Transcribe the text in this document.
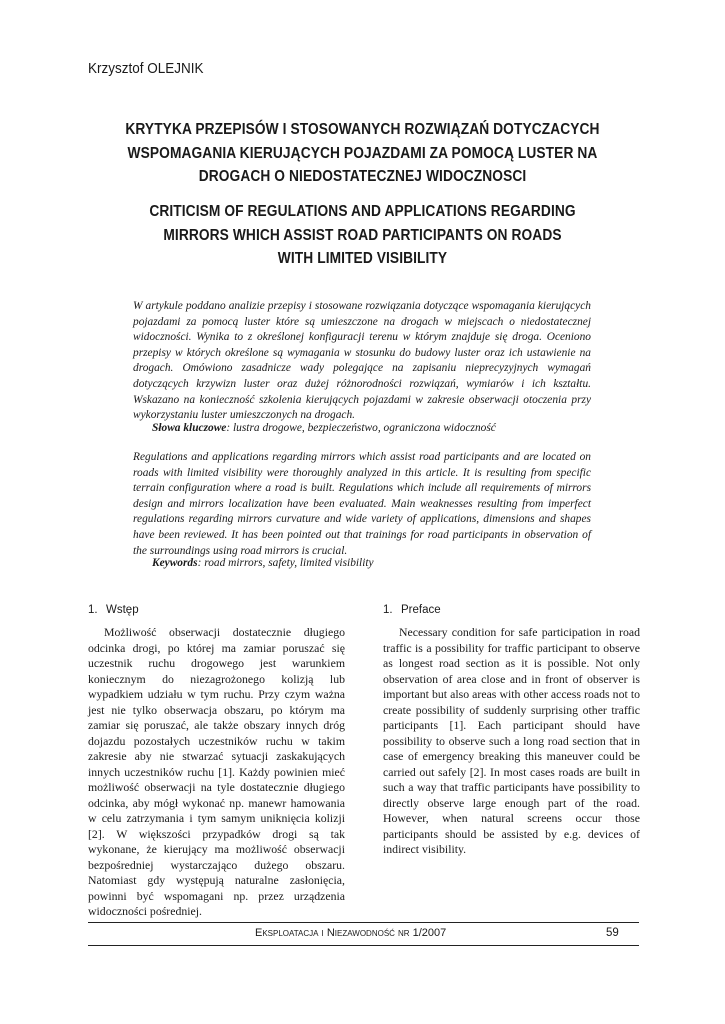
Krzysztof OLEJNIK
KRYTYKA PRZEPISÓW I STOSOWANYCH ROZWIĄZAŃ DOTYCZACYCH
WSPOMAGANIA KIERUJĄCYCH POJAZDAMI ZA POMOCĄ LUSTER NA
DROGACH O NIEDOSTATECZNEJ WIDOCZNOSCI
CRITICISM OF REGULATIONS AND APPLICATIONS REGARDING
MIRRORS WHICH ASSIST ROAD PARTICIPANTS ON ROADS
WITH LIMITED VISIBILITY
W artykule poddano analizie przepisy i stosowane rozwiązania dotyczące wspomagania kierujących pojazdami za pomocą luster które są umieszczone na drogach w miejscach o niedostatecznej widoczności. Wynika to z określonej konfiguracji terenu w którym znajduje się droga. Oceniono przepisy w których określone są wymagania w stosunku do budowy luster oraz ich ustawienie na drogach. Omówiono zasadnicze wady polegające na zapisaniu nieprecyzyjnych wymagań dotyczących krzywizn luster oraz dużej różnorodności rozwiązań, wymiarów i ich kształtu. Wskazano na konieczność szkolenia kierujących pojazdami w zakresie obserwacji otoczenia przy wykorzystaniu luster umieszczonych na drogach.
Słowa kluczowe: lustra drogowe, bezpieczeństwo, ograniczona widoczność
Regulations and applications regarding mirrors which assist road participants and are located on roads with limited visibility were thoroughly analyzed in this article. It is resulting from specific terrain configuration where a road is built. Regulations which include all requirements of mirrors design and mirrors localization have been evaluated. Main weaknesses resulting from imperfect regulations regarding mirrors curvature and wide variety of applications, dimensions and shapes have been reviewed. It has been pointed out that trainings for road participants in observation of the surroundings using road mirrors is crucial.
Keywords: road mirrors, safety, limited visibility
1. Wstęp

Możliwość obserwacji dostatecznie długiego odcinka drogi, po której ma zamiar poruszać się uczestnik ruchu drogowego jest warunkiem koniecznym do niezagrożonego kolizją lub wypadkiem udziału w tym ruchu. Przy czym ważna jest nie tylko obserwacja obszaru, po którym ma zamiar się poruszać, ale także obszary innych dróg dojazdu pozostałych uczestników ruchu w takim zakresie aby nie stwarzać sytuacji zaskakujących innych uczestników ruchu [1]. Każdy powinien mieć możliwość obserwacji na tyle dostatecznie długiego odcinka, aby mógł wykonać np. manewr hamowania w celu zatrzymania i tym samym uniknięcia kolizji [2]. W większości przypadków drogi są tak wykonane, że kierujący ma możliwość obserwacji bezpośredniej wystarczająco dużego obszaru. Natomiast gdy występują naturalne zasłonięcia, powinni być wspomagani np. przez urządzenia widoczności pośredniej.

1. Preface

Necessary condition for safe participation in road traffic is a possibility for traffic participant to observe as longest road section as it is possible. Not only observation of area close and in front of observer is important but also areas with other access roads not to create possibility of suddenly surprising other traffic participants [1]. Each participant should have possibility to observe such a long road section that in case of emergency breaking this maneuver could be carried out safely [2]. In most cases roads are built in such a way that traffic participants have possibility to directly observe large enough part of the road. However, when natural screens occur those participants should be assisted by e.g. devices of indirect visibility.

Eksploatacja i Niezawodność nr 1/2007	59
